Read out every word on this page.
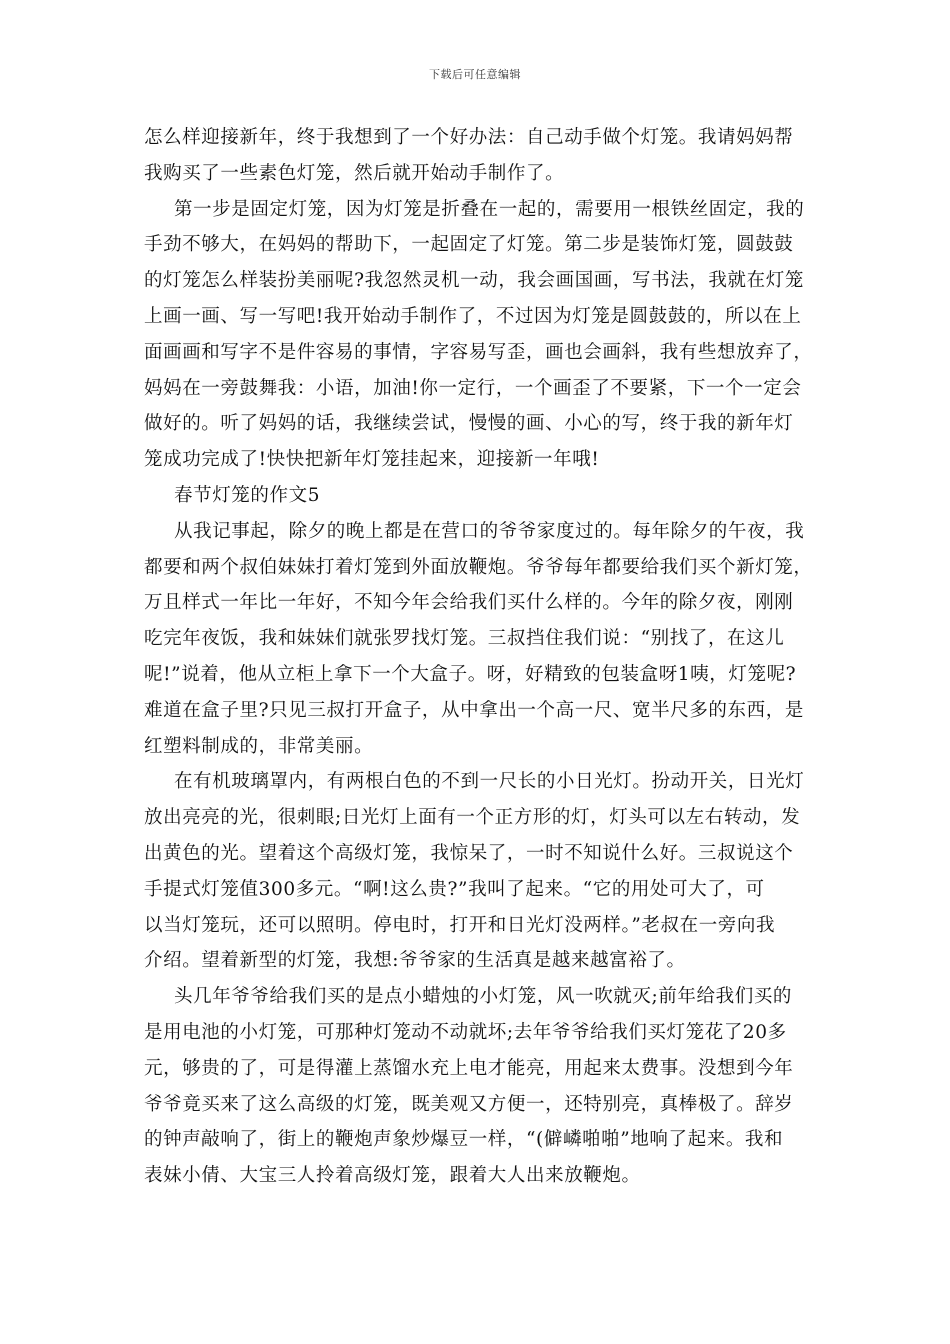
下载后可任意编辑
怎么样迎接新年，终于我想到了一个好办法：自己动手做个灯笼。我请妈妈帮
我购买了一些素色灯笼，然后就开始动手制作了。
第一步是固定灯笼，因为灯笼是折叠在一起的，需要用一根铁丝固定，我的
手劲不够大，在妈妈的帮助下，一起固定了灯笼。第二步是装饰灯笼，圆鼓鼓
的灯笼怎么样装扮美丽呢?我忽然灵机一动，我会画国画，写书法，我就在灯笼
上画一画、写一写吧!我开始动手制作了，不过因为灯笼是圆鼓鼓的，所以在上
面画画和写字不是件容易的事情，字容易写歪，画也会画斜，我有些想放弃了，
妈妈在一旁鼓舞我：小语，加油!你一定行，一个画歪了不要紧，下一个一定会
做好的。听了妈妈的话，我继续尝试，慢慢的画、小心的写，终于我的新年灯
笼成功完成了!快快把新年灯笼挂起来，迎接新一年哦!
春节灯笼的作文5
从我记事起，除夕的晚上都是在营口的爷爷家度过的。每年除夕的午夜，我
都要和两个叔伯妹妹打着灯笼到外面放鞭炮。爷爷每年都要给我们买个新灯笼，
万且样式一年比一年好，不知今年会给我们买什么样的。今年的除夕夜，刚刚
吃完年夜饭，我和妹妹们就张罗找灯笼。三叔挡住我们说：“别找了，在这儿
呢!”说着，他从立柜上拿下一个大盒子。呀，好精致的包装盒呀1咦，灯笼呢?
难道在盒子里?只见三叔打开盒子，从中拿出一个高一尺、宽半尺多的东西，是
红塑料制成的，非常美丽。
在有机玻璃罩内，有两根白色的不到一尺长的小日光灯。扮动开关，日光灯
放出亮亮的光，很刺眼;日光灯上面有一个正方形的灯，灯头可以左右转动，发
出黄色的光。望着这个高级灯笼，我惊呆了，一时不知说什么好。三叔说这个
手提式灯笼值300多元。“啊!这么贵?”我叫了起来。“它的用处可大了，可
以当灯笼玩，还可以照明。停电时，打开和日光灯没两样。”老叔在一旁向我
介绍。望着新型的灯笼，我想:爷爷家的生活真是越来越富裕了。
头几年爷爷给我们买的是点小蜡烛的小灯笼，风一吹就灭;前年给我们买的
是用电池的小灯笼，可那种灯笼动不动就坏;去年爷爷给我们买灯笼花了20多
元，够贵的了，可是得灌上蒸馏水充上电才能亮，用起来太费事。没想到今年
爷爷竟买来了这么高级的灯笼，既美观又方便一，还特别亮，真棒极了。辞岁
的钟声敲响了，街上的鞭炮声象炒爆豆一样，“(僻嶙啪啪”地响了起来。我和
表妹小倩、大宝三人拎着高级灯笼，跟着大人出来放鞭炮。
